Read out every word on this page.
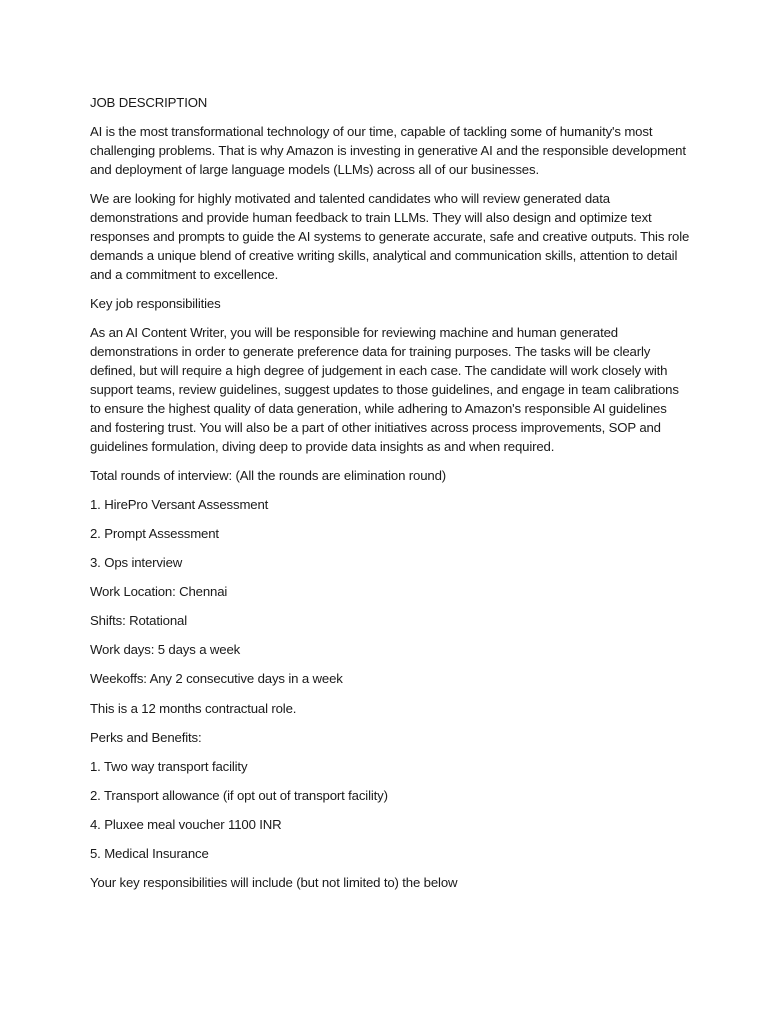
JOB DESCRIPTION

AI is the most transformational technology of our time, capable of tackling some of humanity's most challenging problems. That is why Amazon is investing in generative AI and the responsible development and deployment of large language models (LLMs) across all of our businesses.

We are looking for highly motivated and talented candidates who will review generated data demonstrations and provide human feedback to train LLMs. They will also design and optimize text responses and prompts to guide the AI systems to generate accurate, safe and creative outputs. This role demands a unique blend of creative writing skills, analytical and communication skills, attention to detail and a commitment to excellence.

Key job responsibilities

As an AI Content Writer, you will be responsible for reviewing machine and human generated demonstrations in order to generate preference data for training purposes. The tasks will be clearly defined, but will require a high degree of judgement in each case. The candidate will work closely with support teams, review guidelines, suggest updates to those guidelines, and engage in team calibrations to ensure the highest quality of data generation, while adhering to Amazon's responsible AI guidelines and fostering trust. You will also be a part of other initiatives across process improvements, SOP and guidelines formulation, diving deep to provide data insights as and when required.

Total rounds of interview: (All the rounds are elimination round)

1. HirePro Versant Assessment

2. Prompt Assessment

3. Ops interview

Work Location: Chennai

Shifts: Rotational

Work days: 5 days a week

Weekoffs: Any 2 consecutive days in a week

This is a 12 months contractual role.

Perks and Benefits:

1. Two way transport facility

2. Transport allowance (if opt out of transport facility)

4. Pluxee meal voucher 1100 INR

5. Medical Insurance

Your key responsibilities will include (but not limited to) the below
